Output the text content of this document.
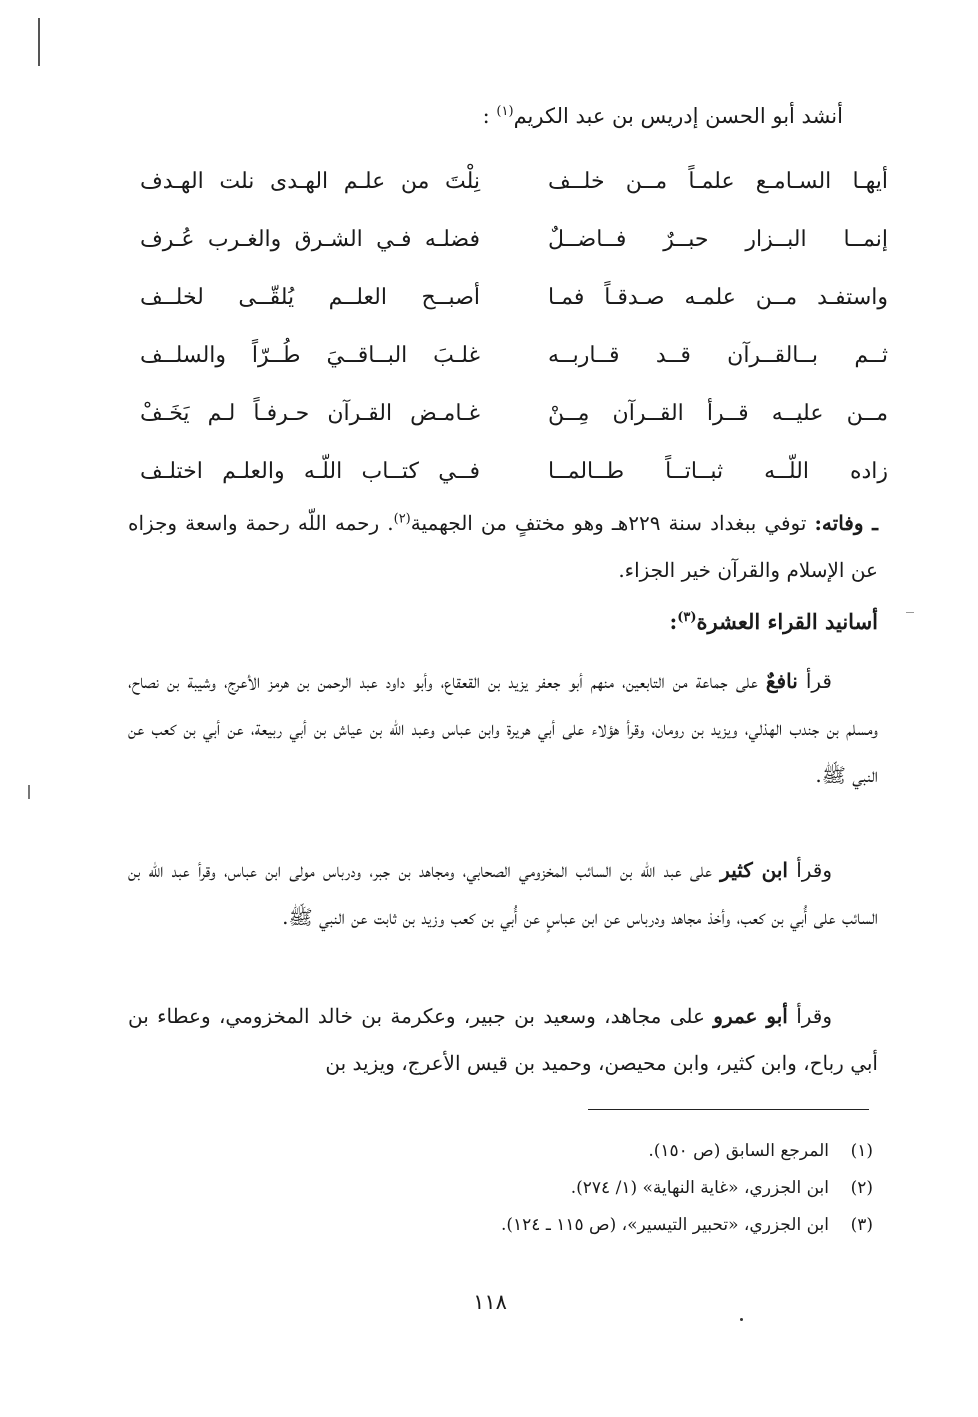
أنشد أبو الحسن إدريس بن عبد الكريم$^{(١)}$ :
أيهـا السـامـع علمـاً مــن خلــف
نِلْتَ من علـم الهـدى نلت الهـدف
إنمــا البــزار حبــرٌ فــاضــلٌ
فضلـه فـي الشـرق والغـرب عُـرف
واستفـد مــن علمـه صـدقـاً فمـا
أصبــح العلــم يُلقّــى لخلــف
ثــم بــالقــرآن قــد قــاربــه
غلـبَ البــاقــيَ طُــرّاً والسلــف
مــن عليــه قــرأ القــرآن مِــنْ
غـامـض القـرآن حـرفـاً لـم يَخَـفْ
زاده اللّــه ثبــاتــاً طــالمــا
فــي كتــاب اللّـه والعلـم اختلـف

ـ وفاته: توفي ببغداد سنة ٢٢٩هـ وهو مختفٍ من الجهمية$^{(٢)}$. رحمه اللّه رحمة واسعة وجزاه عن الإسلام والقرآن خير الجزاء.

أسانيد القراء العشرة$^{(٣)}$:

قرأ نافعٌ على جماعة من التابعين، منهم أبو جعفر يزيد بن القعقاع، وأبو داود عبد الرحمن بن هرمز الأعرج، وشيبة بن نصاح، ومسلم بن جندب الهذلي، ويزيد بن رومان، وقرأ هؤلاء على أبي هريرة وابن عباس وعبد اللّه بن عياش بن أبي ربيعة، عن أبي بن كعب عن النبي ﷺ.

وقرأ ابن كثير على عبد اللّه بن السائب المخزومي الصحابي، ومجاهد بن جبر، ودرباس مولى ابن عباس، وقرأ عبد اللّه بن السائب على أُبي بن كعب، وأخذ مجاهد ودرباس عن ابن عباسٍ عن أُبي بن كعب وزيد بن ثابت عن النبي ﷺ.

وقرأ أبو عمرو على مجاهد، وسعيد بن جبير، وعكرمة بن خالد المخزومي، وعطاء بن أبي رباح، وابن كثير، وابن محيصن، وحميد بن قيس الأعرج، ويزيد بن

(١)المرجع السابق (ص ١٥٠).
(٢)ابن الجزري، «غاية النهاية» (١/ ٢٧٤).
(٣)ابن الجزري، «تحبير التيسير»، (ص ١١٥ ـ ١٢٤).
١١٨
